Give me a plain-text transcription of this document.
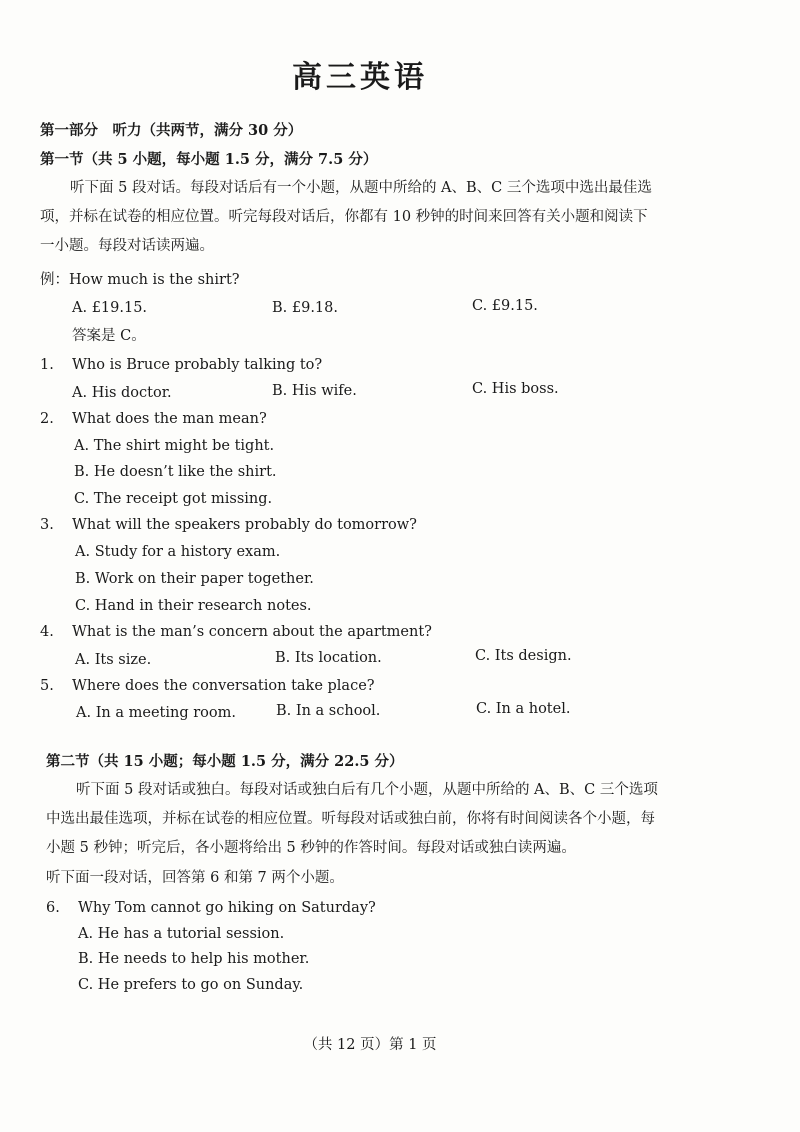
高三英语
第一部分　听力（共两节，满分 30 分）
第一节（共 5 小题，每小题 1.5 分，满分 7.5 分）
听下面 5 段对话。每段对话后有一个小题，从题中所给的 A、B、C 三个选项中选出最佳选
项，并标在试卷的相应位置。听完每段对话后，你都有 10 秒钟的时间来回答有关小题和阅读下
一小题。每段对话读两遍。
例：How much is the shirt?
A. £19.15.	B. £9.18.	C. £9.15.
答案是 C。
1. Who is Bruce probably talking to?
A. His doctor.	B. His wife.	C. His boss.
2. What does the man mean?
A. The shirt might be tight.
B. He doesn’t like the shirt.
C. The receipt got missing.
3. What will the speakers probably do tomorrow?
A. Study for a history exam.
B. Work on their paper together.
C. Hand in their research notes.
4. What is the man’s concern about the apartment?
A. Its size.	B. Its location.	C. Its design.
5. Where does the conversation take place?
A. In a meeting room.	B. In a school.	C. In a hotel.
第二节（共 15 小题；每小题 1.5 分，满分 22.5 分）
听下面 5 段对话或独白。每段对话或独白后有几个小题，从题中所给的 A、B、C 三个选项
中选出最佳选项，并标在试卷的相应位置。听每段对话或独白前，你将有时间阅读各个小题，每
小题 5 秒钟；听完后，各小题将给出 5 秒钟的作答时间。每段对话或独白读两遍。
听下面一段对话，回答第 6 和第 7 两个小题。
6. Why Tom cannot go hiking on Saturday?
A. He has a tutorial session.
B. He needs to help his mother.
C. He prefers to go on Sunday.
（共 12 页）第 1 页
